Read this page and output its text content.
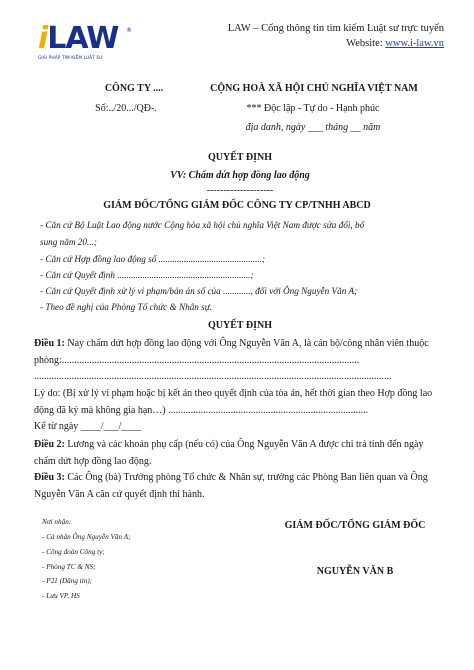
iLAW ®
GIẢI PHÁP TÌM KIẾM LUẬT SƯ
LAW – Cổng thông tin tìm kiếm Luật sư trực tuyến
Website: www.i-law.vn
CÔNG TY ....
Số:../20.../QĐ-.
CỘNG HOÀ XÃ HỘI CHỦ NGHĨA VIỆT NAM
*** Độc lập - Tự do - Hạnh phúc
địa danh, ngày ___ tháng __ năm
QUYẾT ĐỊNH
VV: Chấm dứt hợp đồng lao động
--------------------
GIÁM ĐỐC/TỔNG GIÁM ĐỐC CÔNG TY CP/TNHH ABCD
- Căn cứ Bộ Luật Lao động nước Cộng hòa xã hội chủ nghĩa Việt Nam được sửa đổi, bổ
sung năm 20...;
- Căn cứ Hợp đồng lao động số .............................................;
- Căn cứ Quyết định ..........................................................;
- Căn cứ Quyết định xử lý vi phạm/bản án số của ............, đối với Ông Nguyễn Văn A;
- Theo đề nghị của Phòng Tổ chức & Nhân sự.
QUYẾT ĐỊNH
Điều 1: Nay chấm dứt hợp đồng lao động với Ông Nguyễn Văn A, là cán bộ/công nhân viên thuộc
phòng:.......................................................................................................................
...............................................................................................................................................
Lý do: (Bị xử lý vi phạm hoặc bị kết án theo quyết định của tòa án, hết thời gian theo Hợp đồng lao
động đã ký mà không gia hạn…) ................................................................................
Kể từ ngày ____/___/____
Điều 2: Lương và các khoản phụ cấp (nếu có) của Ông Nguyễn Văn A được chi trả tính đến ngày
chấm dứt hợp đồng lao động.
Điều 3: Các Ông (bà) Trưởng phòng Tổ chức & Nhân sự, trưởng các Phòng Ban liên quan và Ông
Nguyễn Văn A căn cứ quyết định thi hành.
Nơi nhận:
- Cá nhân Ông Nguyễn Văn A;
- Công đoàn Công ty;
- Phòng TC & NS;
- P21 (Đăng tin);
- Lưu VP, HS
GIÁM ĐỐC/TỔNG GIÁM ĐỐC
NGUYỄN VĂN B
